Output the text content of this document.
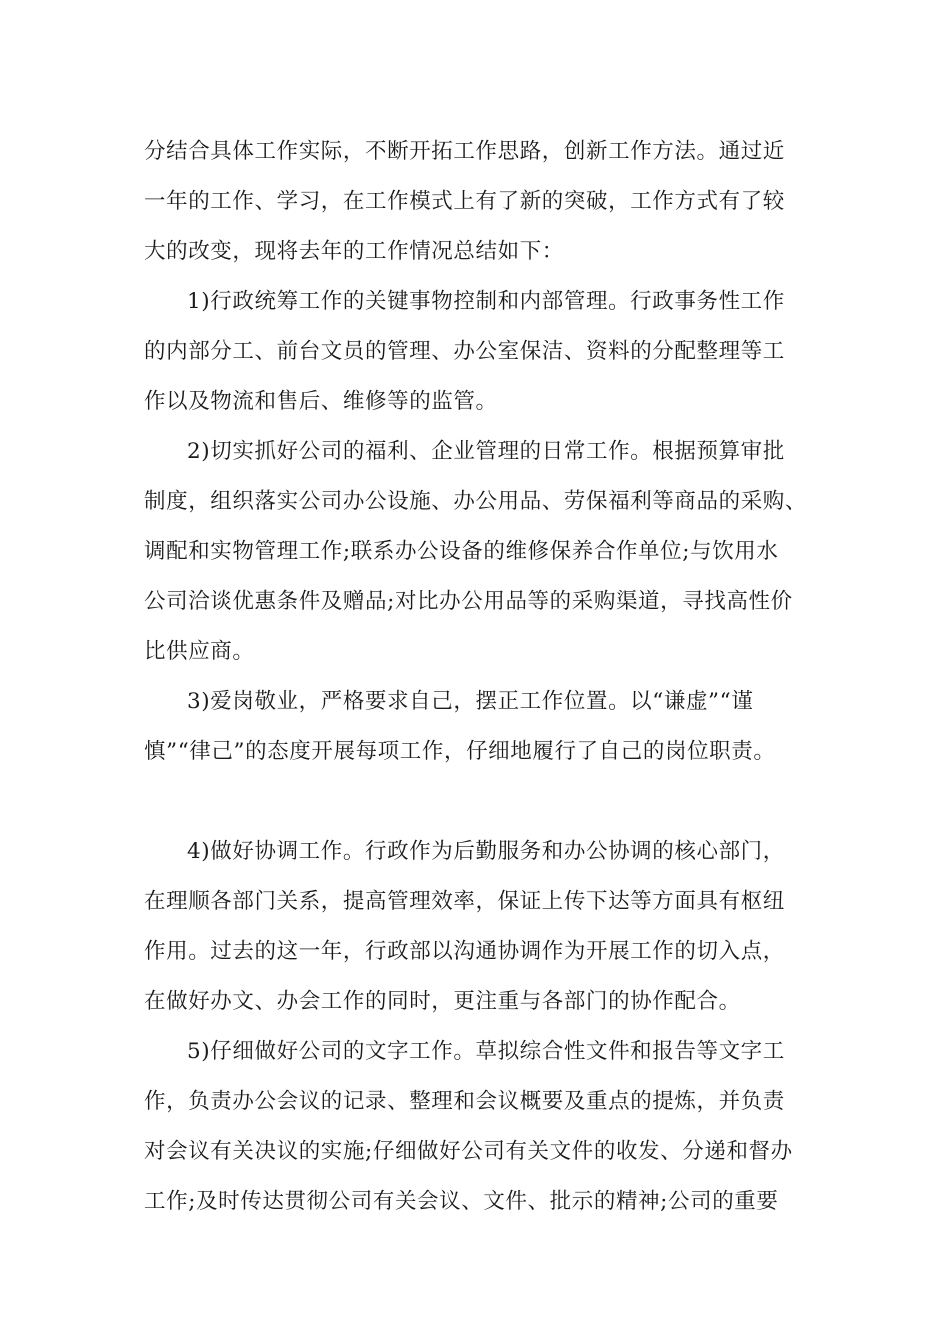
分结合具体工作实际，不断开拓工作思路，创新工作方法。通过近
一年的工作、学习，在工作模式上有了新的突破，工作方式有了较
大的改变，现将去年的工作情况总结如下：
1)行政统筹工作的关键事物控制和内部管理。行政事务性工作
的内部分工、前台文员的管理、办公室保洁、资料的分配整理等工
作以及物流和售后、维修等的监管。
2)切实抓好公司的福利、企业管理的日常工作。根据预算审批
制度，组织落实公司办公设施、办公用品、劳保福利等商品的采购、
调配和实物管理工作;联系办公设备的维修保养合作单位;与饮用水
公司洽谈优惠条件及赠品;对比办公用品等的采购渠道，寻找高性价
比供应商。
3)爱岗敬业，严格要求自己，摆正工作位置。以“谦虚”“谨
慎”“律己”的态度开展每项工作，仔细地履行了自己的岗位职责。
4)做好协调工作。行政作为后勤服务和办公协调的核心部门，
在理顺各部门关系，提高管理效率，保证上传下达等方面具有枢纽
作用。过去的这一年，行政部以沟通协调作为开展工作的切入点，
在做好办文、办会工作的同时，更注重与各部门的协作配合。
5)仔细做好公司的文字工作。草拟综合性文件和报告等文字工
作，负责办公会议的记录、整理和会议概要及重点的提炼，并负责
对会议有关决议的实施;仔细做好公司有关文件的收发、分递和督办
工作;及时传达贯彻公司有关会议、文件、批示的精神;公司的重要
